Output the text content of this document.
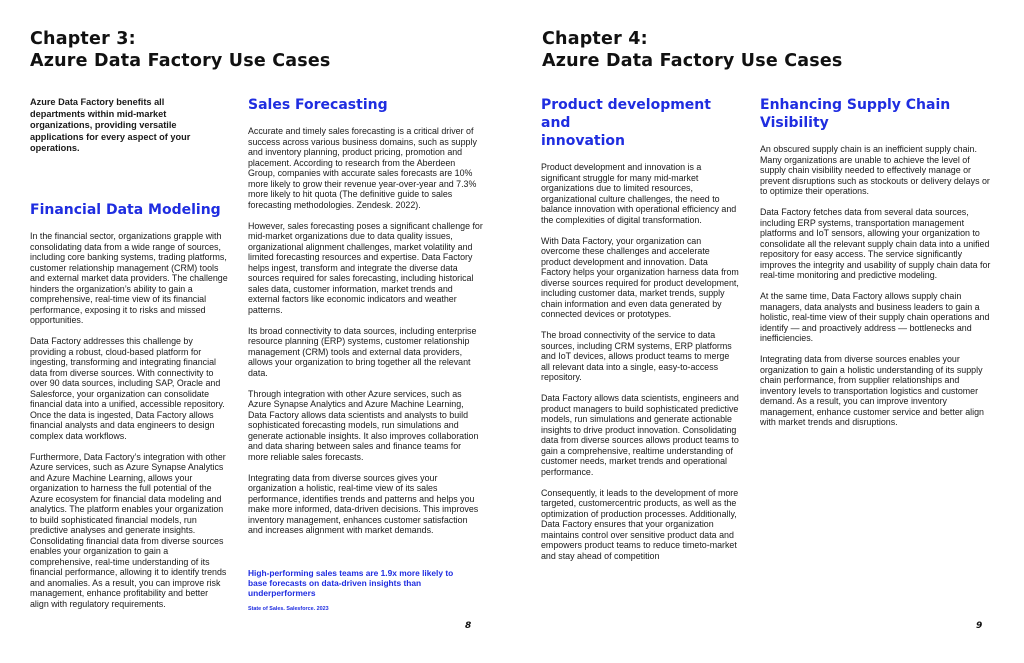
Chapter 3:
Azure Data Factory Use Cases
Azure Data Factory benefits all departments within mid-market organizations, providing versatile applications for every aspect of your operations.
Financial Data Modeling

In the financial sector, organizations grapple with consolidating data from a wide range of sources, including core banking systems, trading platforms, customer relationship management (CRM) tools and external market data providers. The challenge hinders the organization’s ability to gain a comprehensive, real-time view of its financial performance, exposing it to risks and missed opportunities.

Data Factory addresses this challenge by providing a robust, cloud-based platform for ingesting, transforming and integrating financial data from diverse sources. With connectivity to over 90 data sources, including SAP, Oracle and Salesforce, your organization can consolidate financial data into a unified, accessible repository. Once the data is ingested, Data Factory allows financial analysts and data engineers to design complex data workflows.

Furthermore, Data Factory’s integration with other Azure services, such as Azure Synapse Analytics and Azure Machine Learning, allows your organization to harness the full potential of the Azure ecosystem for financial data modeling and analytics. The platform enables your organization to build sophisticated financial models, run predictive analyses and generate insights. Consolidating financial data from diverse sources enables your organization to gain a comprehensive, real-time understanding of its financial performance, allowing it to identify trends and anomalies. As a result, you can improve risk management, enhance profitability and better align with regulatory requirements.

Sales Forecasting

Accurate and timely sales forecasting is a critical driver of success across various business domains, such as supply and inventory planning, product pricing, promotion and placement. According to research from the Aberdeen Group, companies with accurate sales forecasts are 10% more likely to grow their revenue year-over-year and 7.3% more likely to hit quota (The definitive guide to sales forecasting methodologies. Zendesk. 2022).

However, sales forecasting poses a significant challenge for mid-market organizations due to data quality issues, organizational alignment challenges, market volatility and limited forecasting resources and expertise. Data Factory helps ingest, transform and integrate the diverse data sources required for sales forecasting, including historical sales data, customer information, market trends and external factors like economic indicators and weather patterns.

Its broad connectivity to data sources, including enterprise resource planning (ERP) systems, customer relationship management (CRM) tools and external data providers, allows your organization to bring together all the relevant data.

Through integration with other Azure services, such as Azure Synapse Analytics and Azure Machine Learning, Data Factory allows data scientists and analysts to build sophisticated forecasting models, run simulations and generate actionable insights. It also improves collaboration and data sharing between sales and finance teams for more reliable sales forecasts.

Integrating data from diverse sources gives your organization a holistic, real-time view of its sales performance, identifies trends and patterns and helps you make more informed, data-driven decisions. This improves inventory management, enhances customer satisfaction and increases alignment with market demands.

High-performing sales teams are 1.9x more likely to base forecasts on data-driven insights than underperformers
State of Sales. Salesforce. 2023
8
Chapter 4:
Azure Data Factory Use Cases
Product development and
innovation

Product development and innovation is a significant struggle for many mid-market organizations due to limited resources, organizational culture challenges, the need to balance innovation with operational efficiency and the complexities of digital transformation.

With Data Factory, your organization can overcome these challenges and accelerate product development and innovation. Data Factory helps your organization harness data from diverse sources required for product development, including customer data, market trends, supply chain information and even data generated by connected devices or prototypes.

The broad connectivity of the service to data sources, including CRM systems, ERP platforms and IoT devices, allows product teams to merge all relevant data into a single, easy-to-access repository.

Data Factory allows data scientists, engineers and product managers to build sophisticated predictive models, run simulations and generate actionable insights to drive product innovation. Consolidating data from diverse sources allows product teams to gain a comprehensive, realtime understanding of customer needs, market trends and operational performance.

Consequently, it leads to the development of more targeted, customercentric products, as well as the optimization of production processes. Additionally, Data Factory ensures that your organization maintains control over sensitive product data and empowers product teams to reduce timeto-market and stay ahead of competition

Enhancing Supply Chain
Visibility

An obscured supply chain is an inefficient supply chain. Many organizations are unable to achieve the level of supply chain visibility needed to effectively manage or prevent disruptions such as stockouts or delivery delays or to optimize their operations.

Data Factory fetches data from several data sources, including ERP systems, transportation management platforms and IoT sensors, allowing your organization to consolidate all the relevant supply chain data into a unified repository for easy access. The service significantly improves the integrity and usability of supply chain data for real-time monitoring and predictive modeling.

At the same time, Data Factory allows supply chain managers, data analysts and business leaders to gain a holistic, real-time view of their supply chain operations and identify — and proactively address — bottlenecks and inefficiencies.

Integrating data from diverse sources enables your organization to gain a holistic understanding of its supply chain performance, from supplier relationships and inventory levels to transportation logistics and customer demand. As a result, you can improve inventory management, enhance customer service and better align with market trends and disruptions.

9
